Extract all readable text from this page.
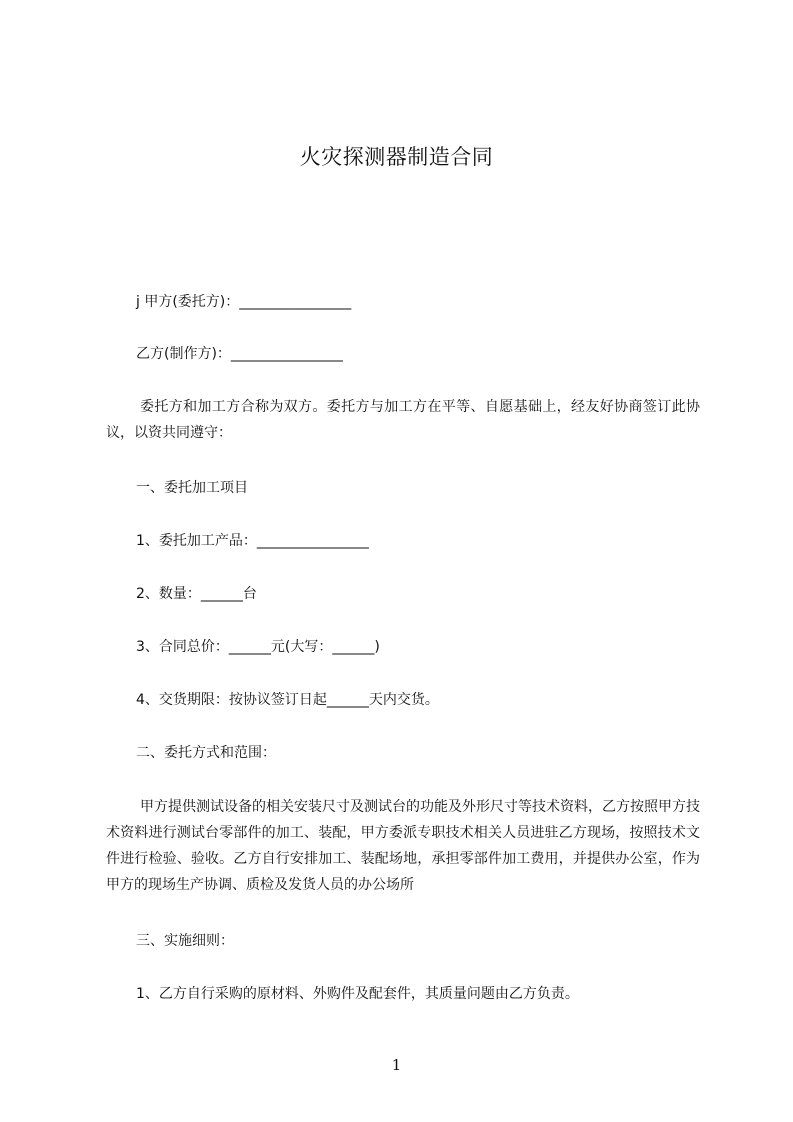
火灾探测器制造合同
j 甲方(委托方)：________________
乙方(制作方)：________________
委托方和加工方合称为双方。委托方与加工方在平等、自愿基础上，经友好协商签订此协议，以资共同遵守：
一、委托加工项目
1、委托加工产品：________________
2、数量：______台
3、合同总价：______元(大写：______)
4、交货期限：按协议签订日起______天内交货。
二、委托方式和范围：
甲方提供测试设备的相关安装尺寸及测试台的功能及外形尺寸等技术资料，乙方按照甲方技术资料进行测试台零部件的加工、装配，甲方委派专职技术相关人员进驻乙方现场，按照技术文件进行检验、验收。乙方自行安排加工、装配场地，承担零部件加工费用，并提供办公室，作为甲方的现场生产协调、质检及发货人员的办公场所
三、实施细则：
1、乙方自行采购的原材料、外购件及配套件，其质量问题由乙方负责。
1
